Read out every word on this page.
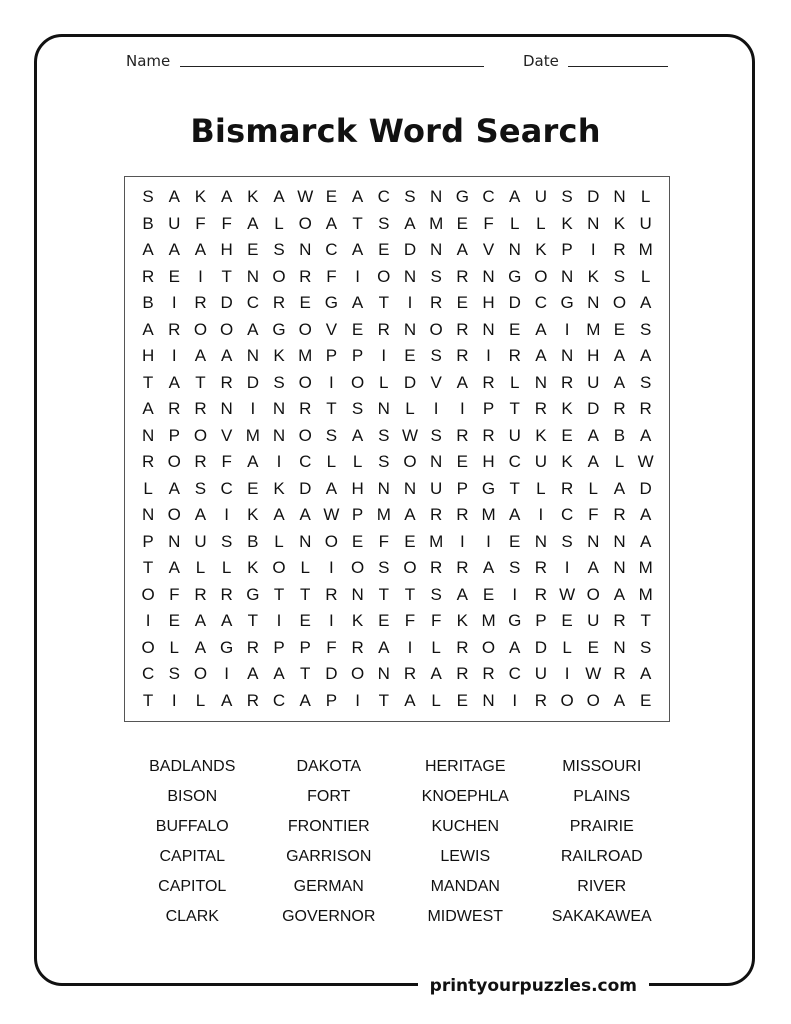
Name	Date
Bismarck Word Search
S A K A K A W E A C S N G C A U S D N L
B U F F A L O A T S A M E F L L K N K U
A A A H E S N C A E D N A V N K P	I	R M
R E	I	T N O R F	I	O N S R N G O N K S L
B	I	R D C R E G A T	I	R E H D C G N O A
A R O O A G O V E R N O R N E A	I M E S
H	I	A A N K M P P	I	E S R	I	R A N H A A
T A T R D S O	I	O L D V A R L N R U A S
A R R N	I	N R T S N L	I	I	P T R K D R R
N P O V M N O S A S W S R R U K E A B A
R O R F A	I	C L L S O N E H C U K A L W
L A S C E K D A H N N U P G T L R L A D
N O A	I	K A A W P M A R R M A	I	C F R A
P N U S B L N O E F E M I	I	E N S N N A
T A L L K O L	I	O S O R R A S R	I	A N M
O F R R G T T R N T T S A E	I	R W O A M
I	E A A T	I	E	I	K E F F K M G P E U R T
O L A G R P P F R A	I	L R O A D L E N S
C S O	I	A A T D O N R A R R C U	I W R A
T	I	L A R C A P	I	T A L E N	I	R O O A E
BADLANDS	DAKOTA	HERITAGE	MISSOURI
BISON	FORT	KNOEPHLA	PLAINS
BUFFALO	FRONTIER	KUCHEN	PRAIRIE
CAPITAL	GARRISON	LEWIS	RAILROAD
CAPITOL	GERMAN	MANDAN	RIVER
CLARK	GOVERNOR	MIDWEST	SAKAKAWEA
printyourpuzzles.com
